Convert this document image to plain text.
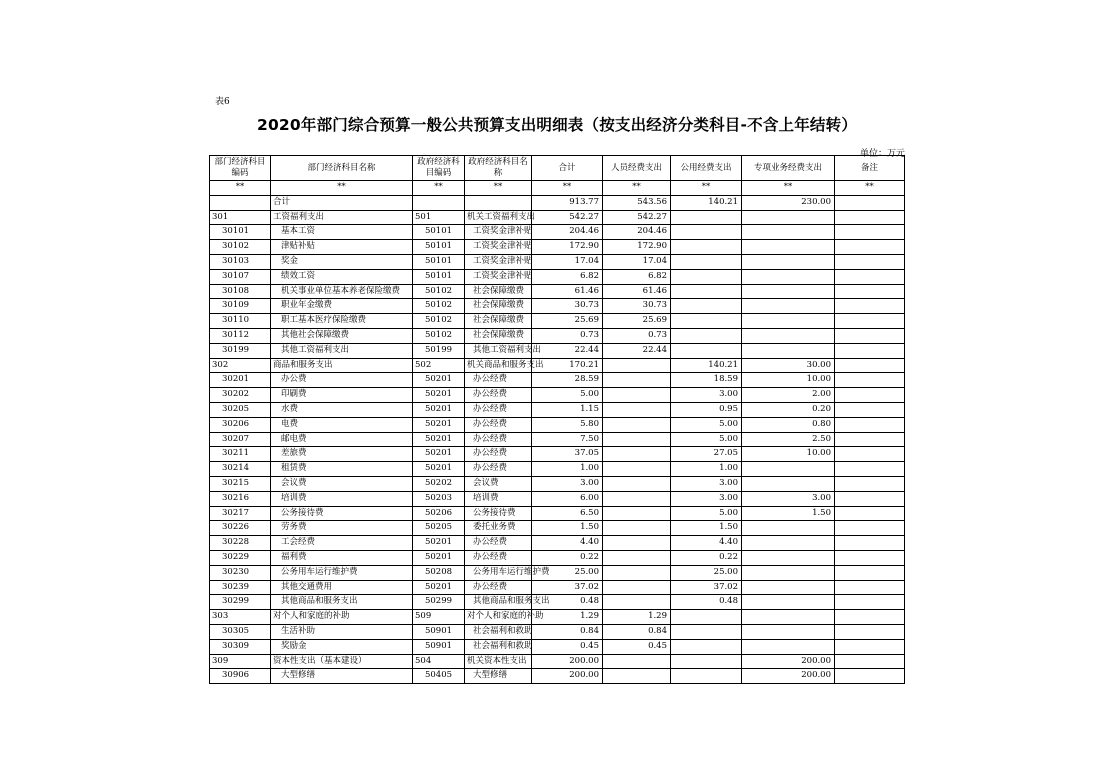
表6
2020年部门综合预算一般公共预算支出明细表（按支出经济分类科目-不含上年结转）
单位：万元
部门经济科目编码	部门经济科目名称	政府经济科目编码	政府经济科目名称	合计	人员经费支出	公用经费支出	专项业务经费支出	备注
**	**	**	**	**	**	**	**	**
	合计			913.77	543.56	140.21	230.00	
301	工资福利支出	501	机关工资福利支出	542.27	542.27			
30101	基本工资	50101	工资奖金津补贴	204.46	204.46			
30102	津贴补贴	50101	工资奖金津补贴	172.90	172.90			
30103	奖金	50101	工资奖金津补贴	17.04	17.04			
30107	绩效工资	50101	工资奖金津补贴	6.82	6.82			
30108	机关事业单位基本养老保险缴费	50102	社会保障缴费	61.46	61.46			
30109	职业年金缴费	50102	社会保障缴费	30.73	30.73			
30110	职工基本医疗保险缴费	50102	社会保障缴费	25.69	25.69			
30112	其他社会保障缴费	50102	社会保障缴费	0.73	0.73			
30199	其他工资福利支出	50199	其他工资福利支出	22.44	22.44			
302	商品和服务支出	502	机关商品和服务支出	170.21		140.21	30.00	
30201	办公费	50201	办公经费	28.59		18.59	10.00	
30202	印刷费	50201	办公经费	5.00		3.00	2.00	
30205	水费	50201	办公经费	1.15		0.95	0.20	
30206	电费	50201	办公经费	5.80		5.00	0.80	
30207	邮电费	50201	办公经费	7.50		5.00	2.50	
30211	差旅费	50201	办公经费	37.05		27.05	10.00	
30214	租赁费	50201	办公经费	1.00		1.00		
30215	会议费	50202	会议费	3.00		3.00		
30216	培训费	50203	培训费	6.00		3.00	3.00	
30217	公务接待费	50206	公务接待费	6.50		5.00	1.50	
30226	劳务费	50205	委托业务费	1.50		1.50		
30228	工会经费	50201	办公经费	4.40		4.40		
30229	福利费	50201	办公经费	0.22		0.22		
30230	公务用车运行维护费	50208	公务用车运行维护费	25.00		25.00		
30239	其他交通费用	50201	办公经费	37.02		37.02		
30299	其他商品和服务支出	50299	其他商品和服务支出	0.48		0.48		
303	对个人和家庭的补助	509	对个人和家庭的补助	1.29	1.29			
30305	生活补助	50901	社会福利和救助	0.84	0.84			
30309	奖励金	50901	社会福利和救助	0.45	0.45			
309	资本性支出（基本建设）	504	机关资本性支出	200.00			200.00	
30906	大型修缮	50405	大型修缮	200.00			200.00	
